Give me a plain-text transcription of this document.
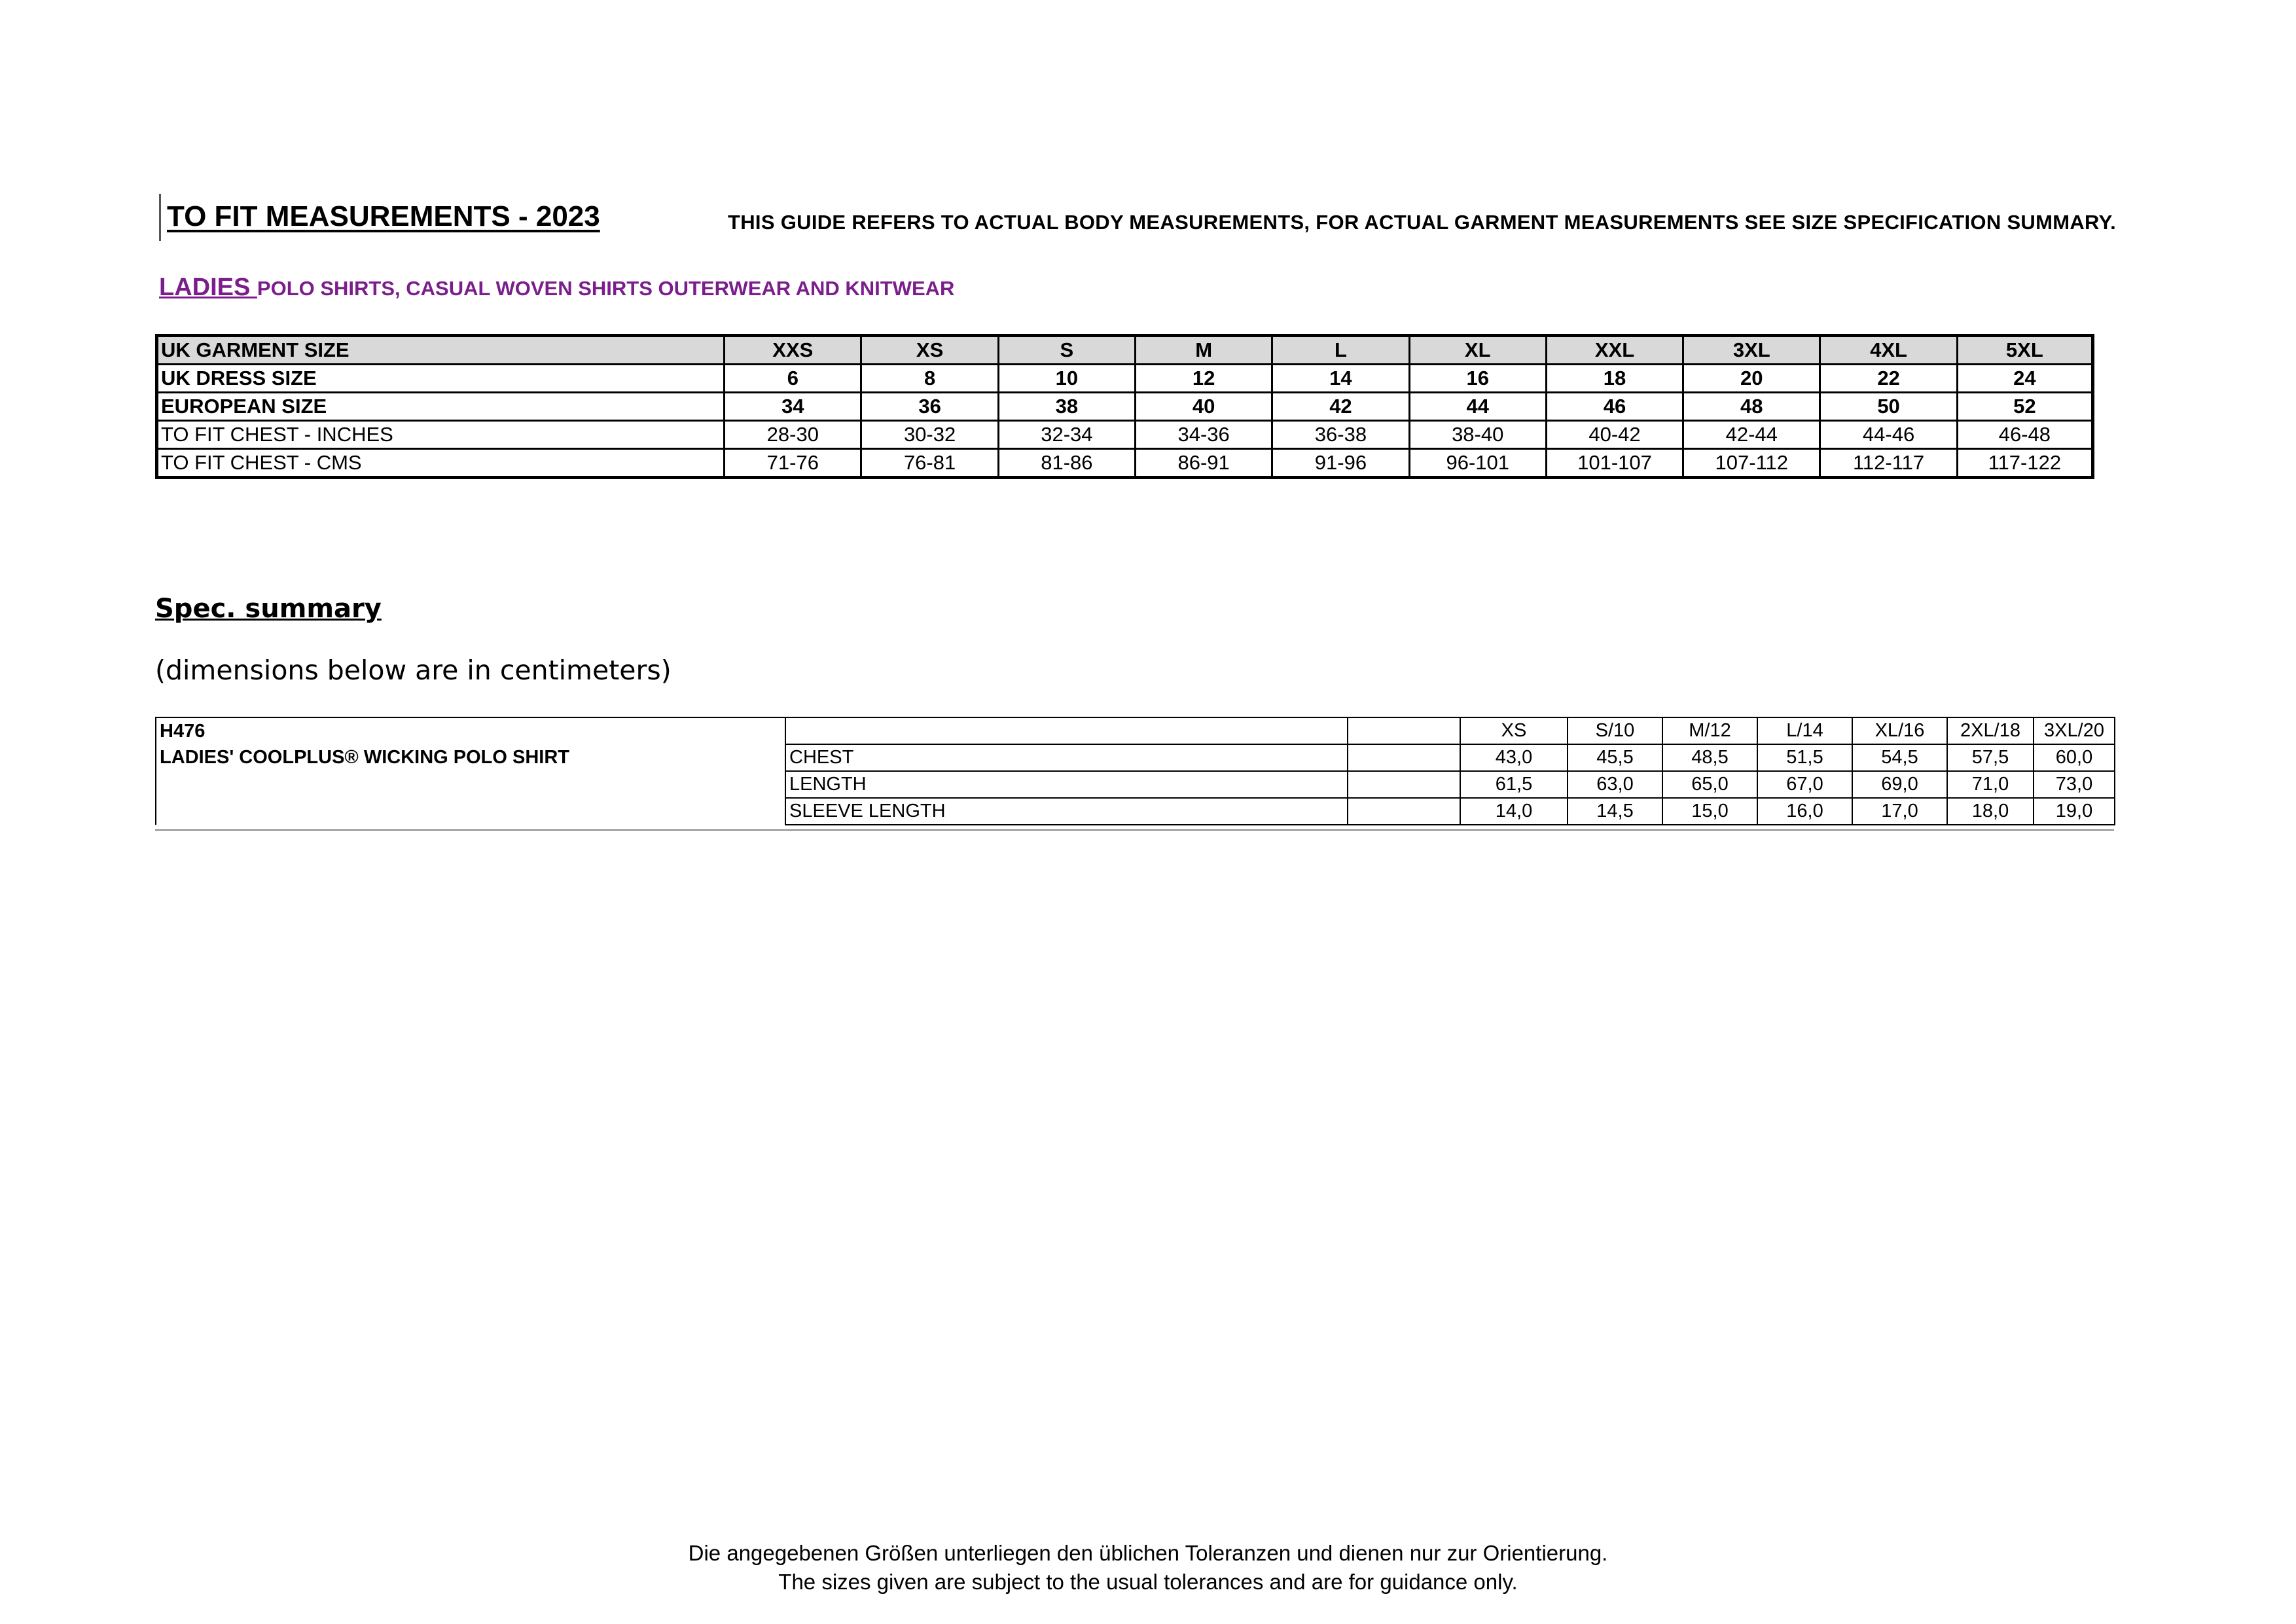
TO FIT MEASUREMENTS - 2023	THIS GUIDE REFERS TO ACTUAL BODY MEASUREMENTS, FOR ACTUAL GARMENT MEASUREMENTS SEE SIZE SPECIFICATION SUMMARY.
LADIES POLO SHIRTS, CASUAL WOVEN SHIRTS OUTERWEAR AND KNITWEAR
UK GARMENT SIZE	XXS	XS	S	M	L	XL	XXL	3XL	4XL	5XL
UK DRESS SIZE	6	8	10	12	14	16	18	20	22	24
EUROPEAN SIZE	34	36	38	40	42	44	46	48	50	52
TO FIT CHEST - INCHES	28-30	30-32	32-34	34-36	36-38	38-40	40-42	42-44	44-46	46-48
TO FIT CHEST - CMS	71-76	76-81	81-86	86-91	91-96	96-101	101-107	107-112	112-117	117-122
Spec. summary
(dimensions below are in centimeters)
H476			XS	S/10	M/12	L/14	XL/16	2XL/18	3XL/20
LADIES' COOLPLUS® WICKING POLO SHIRT	CHEST		43,0	45,5	48,5	51,5	54,5	57,5	60,0
	LENGTH		61,5	63,0	65,0	67,0	69,0	71,0	73,0
	SLEEVE LENGTH		14,0	14,5	15,0	16,0	17,0	18,0	19,0
Die angegebenen Größen unterliegen den üblichen Toleranzen und dienen nur zur Orientierung.
The sizes given are subject to the usual tolerances and are for guidance only.
